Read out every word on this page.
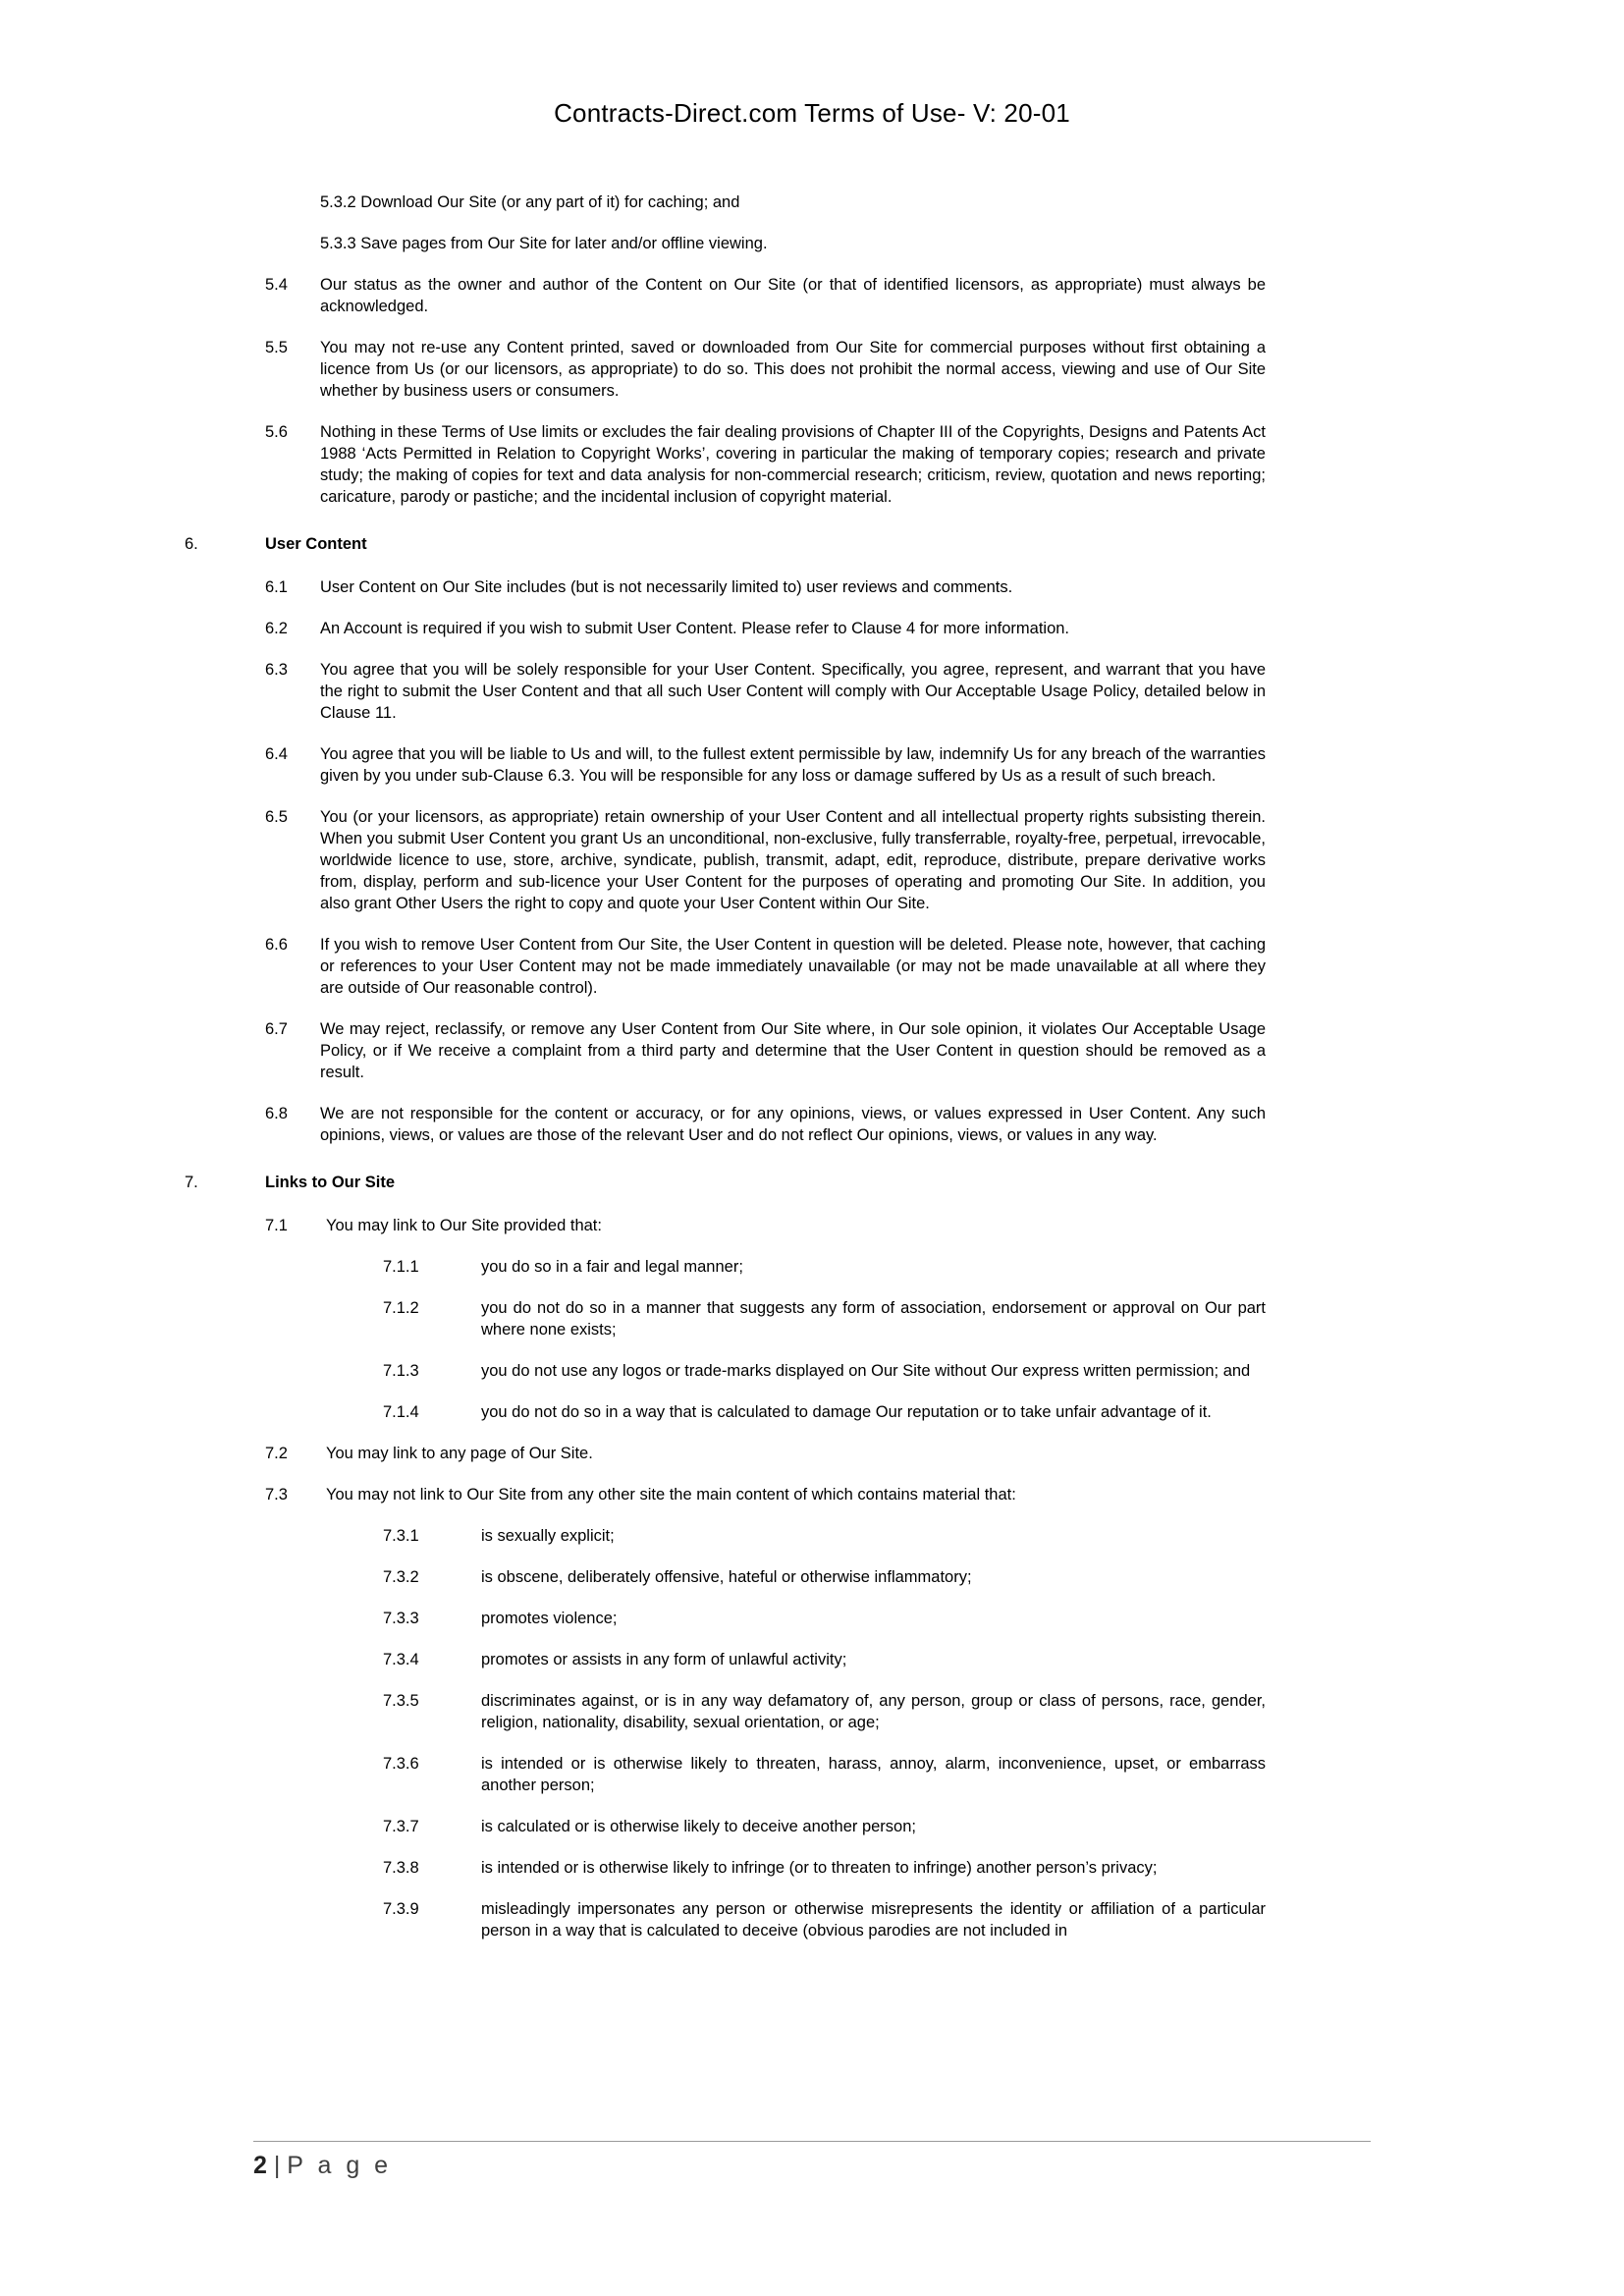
Contracts-Direct.com Terms of Use- V: 20-01
5.3.2 Download Our Site (or any part of it) for caching; and
5.3.3 Save pages from Our Site for later and/or offline viewing.
5.4	Our status as the owner and author of the Content on Our Site (or that of identified licensors, as appropriate) must always be acknowledged.
5.5	You may not re-use any Content printed, saved or downloaded from Our Site for commercial purposes without first obtaining a licence from Us (or our licensors, as appropriate) to do so. This does not prohibit the normal access, viewing and use of Our Site whether by business users or consumers.
5.6	Nothing in these Terms of Use limits or excludes the fair dealing provisions of Chapter III of the Copyrights, Designs and Patents Act 1988 ‘Acts Permitted in Relation to Copyright Works’, covering in particular the making of temporary copies; research and private study; the making of copies for text and data analysis for non-commercial research; criticism, review, quotation and news reporting; caricature, parody or pastiche; and the incidental inclusion of copyright material.
6.	User Content
6.1	User Content on Our Site includes (but is not necessarily limited to) user reviews and comments.
6.2	An Account is required if you wish to submit User Content. Please refer to Clause 4 for more information.
6.3	You agree that you will be solely responsible for your User Content. Specifically, you agree, represent, and warrant that you have the right to submit the User Content and that all such User Content will comply with Our Acceptable Usage Policy, detailed below in Clause 11.
6.4	You agree that you will be liable to Us and will, to the fullest extent permissible by law, indemnify Us for any breach of the warranties given by you under sub-Clause 6.3. You will be responsible for any loss or damage suffered by Us as a result of such breach.
6.5	You (or your licensors, as appropriate) retain ownership of your User Content and all intellectual property rights subsisting therein. When you submit User Content you grant Us an unconditional, non-exclusive, fully transferrable, royalty-free, perpetual, irrevocable, worldwide licence to use, store, archive, syndicate, publish, transmit, adapt, edit, reproduce, distribute, prepare derivative works from, display, perform and sub-licence your User Content for the purposes of operating and promoting Our Site. In addition, you also grant Other Users the right to copy and quote your User Content within Our Site.
6.6	If you wish to remove User Content from Our Site, the User Content in question will be deleted. Please note, however, that caching or references to your User Content may not be made immediately unavailable (or may not be made unavailable at all where they are outside of Our reasonable control).
6.7	We may reject, reclassify, or remove any User Content from Our Site where, in Our sole opinion, it violates Our Acceptable Usage Policy, or if We receive a complaint from a third party and determine that the User Content in question should be removed as a result.
6.8	We are not responsible for the content or accuracy, or for any opinions, views, or values expressed in User Content. Any such opinions, views, or values are those of the relevant User and do not reflect Our opinions, views, or values in any way.
7.	Links to Our Site
7.1	You may link to Our Site provided that:
7.1.1	you do so in a fair and legal manner;
7.1.2	you do not do so in a manner that suggests any form of association, endorsement or approval on Our part where none exists;
7.1.3	you do not use any logos or trade-marks displayed on Our Site without Our express written permission; and
7.1.4	you do not do so in a way that is calculated to damage Our reputation or to take unfair advantage of it.
7.2	You may link to any page of Our Site.
7.3	You may not link to Our Site from any other site the main content of which contains material that:
7.3.1	is sexually explicit;
7.3.2	is obscene, deliberately offensive, hateful or otherwise inflammatory;
7.3.3	promotes violence;
7.3.4	promotes or assists in any form of unlawful activity;
7.3.5	discriminates against, or is in any way defamatory of, any person, group or class of persons, race, gender, religion, nationality, disability, sexual orientation, or age;
7.3.6	is intended or is otherwise likely to threaten, harass, annoy, alarm, inconvenience, upset, or embarrass another person;
7.3.7	is calculated or is otherwise likely to deceive another person;
7.3.8	is intended or is otherwise likely to infringe (or to threaten to infringe) another person’s privacy;
7.3.9	misleadingly impersonates any person or otherwise misrepresents the identity or affiliation of a particular person in a way that is calculated to deceive (obvious parodies are not included in
2 | P a g e
